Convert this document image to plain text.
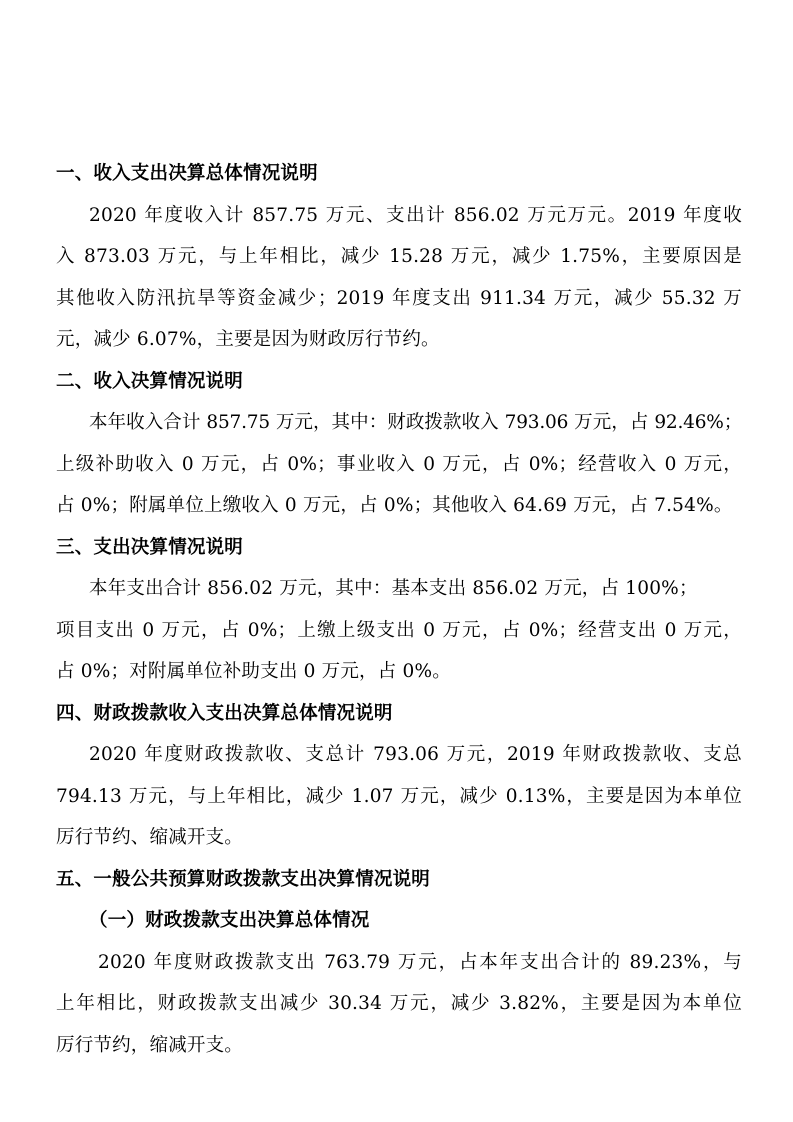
一、收入支出决算总体情况说明
2020 年度收入计 857.75 万元、支出计 856.02 万元万元。2019 年度收
入 873.03 万元，与上年相比，减少 15.28 万元，减少 1.75%，主要原因是
其他收入防汛抗旱等资金减少；2019 年度支出 911.34 万元，减少 55.32 万
元，减少 6.07%，主要是因为财政厉行节约。
二、收入决算情况说明
本年收入合计 857.75 万元，其中：财政拨款收入 793.06 万元，占 92.46%；
上级补助收入 0 万元，占 0%；事业收入 0 万元，占 0%；经营收入 0 万元，
占 0%；附属单位上缴收入 0 万元，占 0%；其他收入 64.69 万元，占 7.54%。
三、支出决算情况说明
本年支出合计 856.02 万元，其中：基本支出 856.02 万元，占 100%；
项目支出 0 万元，占 0%；上缴上级支出 0 万元，占 0%；经营支出 0 万元，
占 0%；对附属单位补助支出 0 万元，占 0%。
四、财政拨款收入支出决算总体情况说明
2020 年度财政拨款收、支总计 793.06 万元，2019 年财政拨款收、支总
794.13 万元，与上年相比，减少 1.07 万元，减少 0.13%，主要是因为本单位
厉行节约、缩减开支。
五、一般公共预算财政拨款支出决算情况说明
（一）财政拨款支出决算总体情况
2020 年度财政拨款支出 763.79 万元，占本年支出合计的 89.23%，与
上年相比，财政拨款支出减少 30.34 万元，减少 3.82%，主要是因为本单位
厉行节约，缩减开支。
